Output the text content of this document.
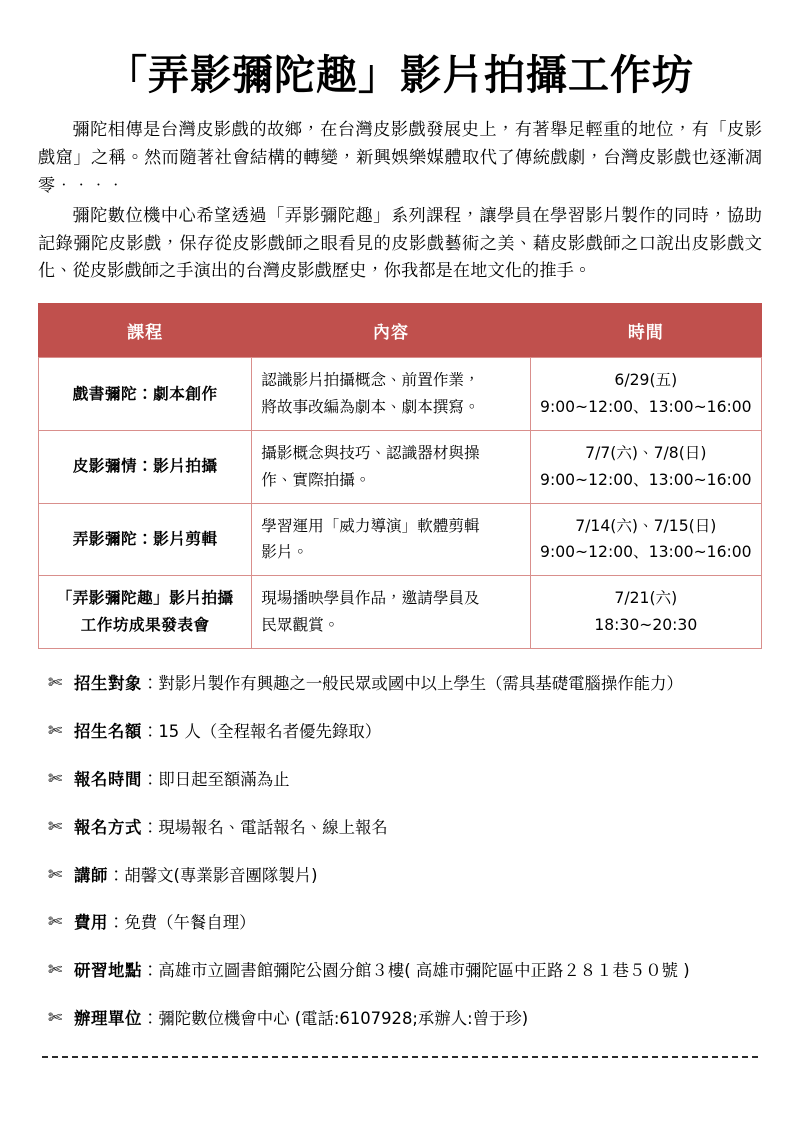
「弄影彌陀趣」影片拍攝工作坊

彌陀相傳是台灣皮影戲的故鄉，在台灣皮影戲發展史上，有著舉足輕重的地位，有「皮影戲窟」之稱。然而隨著社會結構的轉變，新興娛樂媒體取代了傳統戲劇，台灣皮影戲也逐漸凋零．．．．

彌陀數位機中心希望透過「弄影彌陀趣」系列課程，讓學員在學習影片製作的同時，協助記錄彌陀皮影戲，保存從皮影戲師之眼看見的皮影戲藝術之美、藉皮影戲師之口說出皮影戲文化、從皮影戲師之手演出的台灣皮影戲歷史，你我都是在地文化的推手。

課程	內容	時間
戲書彌陀：劇本創作	認識影片拍攝概念、前置作業，
將故事改編為劇本、劇本撰寫。	6/29(五)
9:00~12:00、13:00~16:00

皮影彌情：影片拍攝	攝影概念與技巧、認識器材與操
作、實際拍攝。	7/7(六)、7/8(日)
9:00~12:00、13:00~16:00

弄影彌陀：影片剪輯	學習運用「威力導演」軟體剪輯
影片。	7/14(六)、7/15(日)
9:00~12:00、13:00~16:00

「弄影彌陀趣」影片拍攝
工作坊成果發表會	現場播映學員作品，邀請學員及
民眾觀賞。	7/21(六)
18:30~20:30
✄ 招生對象：對影片製作有興趣之一般民眾或國中以上學生（需具基礎電腦操作能力）
✄ 招生名額：15 人（全程報名者優先錄取）
✄ 報名時間：即日起至額滿為止
✄ 報名方式：現場報名、電話報名、線上報名
✄ 講師：胡馨文(專業影音團隊製片)
✄ 費用：免費（午餐自理）
✄ 研習地點：高雄市立圖書館彌陀公園分館３樓( 高雄市彌陀區中正路２８１巷５０號 )
✄ 辦理單位：彌陀數位機會中心 (電話:6107928;承辦人:曾于珍)
